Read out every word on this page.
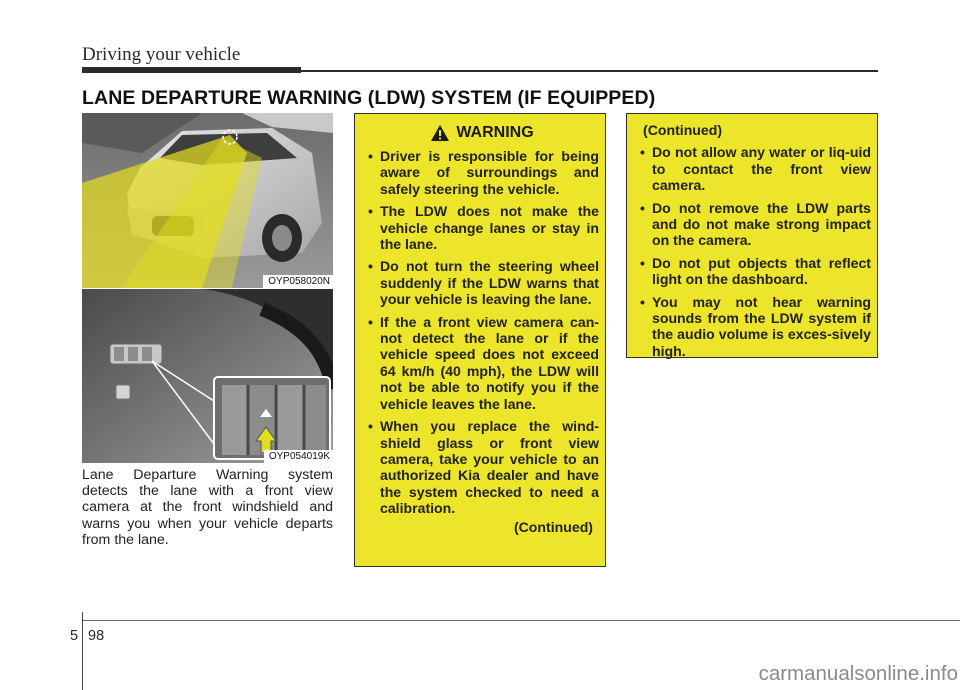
Driving your vehicle
LANE DEPARTURE WARNING (LDW) SYSTEM (IF EQUIPPED)
OYP058020N
OYP054019K
Lane Departure Warning system detects the lane with a front view camera at the front windshield and warns you when your vehicle departs from the lane.
WARNING
• Driver is responsible for being aware of surroundings and safely steering the vehicle.
• The LDW does not make the vehicle change lanes or stay in the lane.
• Do not turn the steering wheel suddenly if the LDW warns that your vehicle is leaving the lane.
• If the a front view camera can-not detect the lane or if the vehicle speed does not exceed 64 km/h (40 mph), the LDW will not be able to notify you if the vehicle leaves the lane.
• When you replace the wind-shield glass or front view camera, take your vehicle to an authorized Kia dealer and have the system checked to need a calibration.
(Continued)
(Continued)
• Do not allow any water or liq-uid to contact the front view camera.
• Do not remove the LDW parts and do not make strong impact on the camera.
• Do not put objects that reflect light on the dashboard.
• You may not hear warning sounds from the LDW system if the audio volume is exces-sively high.
5 98
carmanualsonline.info
